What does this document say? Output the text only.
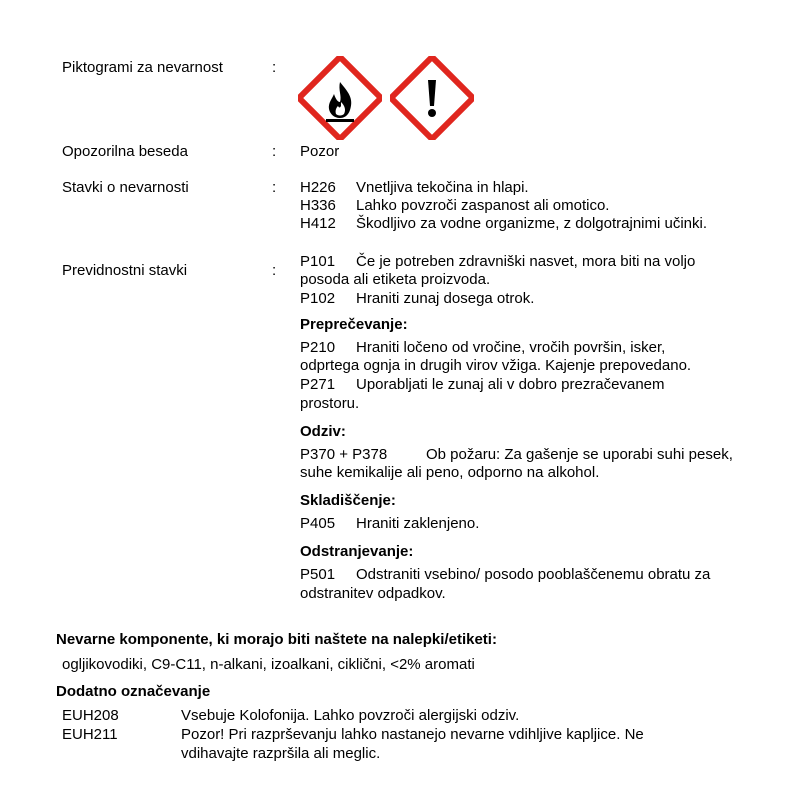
Piktogrami za nevarnost	:
Opozorilna beseda	: Pozor
Stavki o nevarnosti	: H226 Vnetljiva tekočina in hlapi.
H336 Lahko povzroči zaspanost ali omotico.
H412 Škodljivo za vodne organizme, z dolgotrajnimi učinki.
Previdnostni stavki	:
P101 Če je potreben zdravniški nasvet, mora biti na voljo
posoda ali etiketa proizvoda.
P102 Hraniti zunaj dosega otrok.
Preprečevanje:
P210 Hraniti ločeno od vročine, vročih površin, isker,
odprtega ognja in drugih virov vžiga. Kajenje prepovedano.
P271 Uporabljati le zunaj ali v dobro prezračevanem
prostoru.
Odziv:
P370 + P378	Ob požaru: Za gašenje se uporabi suhi pesek,
suhe kemikalije ali peno, odporno na alkohol.
Skladiščenje:
P405 Hraniti zaklenjeno.
Odstranjevanje:
P501 Odstraniti vsebino/ posodo pooblaščenemu obratu za
odstranitev odpadkov.
Nevarne komponente, ki morajo biti naštete na nalepki/etiketi:
ogljikovodiki, C9-C11, n-alkani, izoalkani, ciklični, <2% aromati
Dodatno označevanje
EUH208	Vsebuje Kolofonija. Lahko povzroči alergijski odziv.
EUH211	Pozor! Pri razprševanju lahko nastanejo nevarne vdihljive kapljice. Ne
vdihavajte razpršila ali meglic.
